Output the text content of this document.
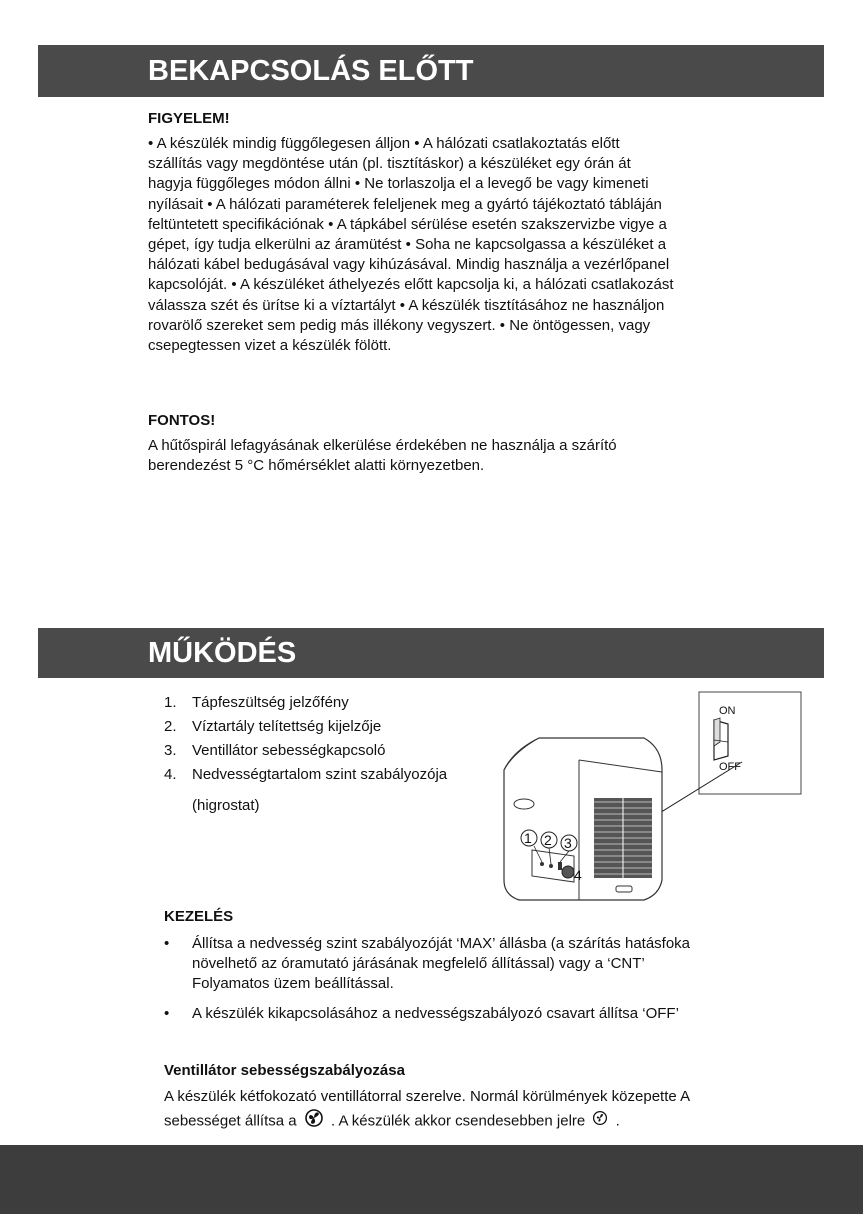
BEKAPCSOLÁS ELŐTT
FIGYELEM!
• A készülék mindig függőlegesen álljon • A hálózati csatlakoztatás előtt
szállítás vagy megdöntése után (pl. tisztításkor) a készüléket egy órán át
hagyja függőleges módon állni • Ne torlaszolja el a levegő be vagy kimeneti
nyílásait • A hálózati paraméterek feleljenek meg a gyártó tájékoztató tábláján
feltüntetett specifikációnak • A tápkábel sérülése esetén szakszervizbe vigye a
gépet, így tudja elkerülni az áramütést • Soha ne kapcsolgassa a készüléket a
hálózati kábel bedugásával vagy kihúzásával. Mindig használja a vezérlőpanel
kapcsolóját. • A készüléket áthelyezés előtt kapcsolja ki, a hálózati csatlakozást
válassza szét és ürítse ki a víztartályt • A készülék tisztításához ne használjon
rovarölő szereket sem pedig más illékony vegyszert. • Ne öntögessen, vagy
csepegtessen vizet a készülék fölött.
FONTOS!
A hűtőspirál lefagyásának elkerülése érdekében ne használja a szárító
berendezést 5 °C hőmérséklet alatti környezetben.
MŰKÖDÉS
1. Tápfeszültség jelzőfény
2. Víztartály telítettség kijelzője
3. Ventillátor sebességkapcsoló
4. Nedvességtartalom szint szabályozója
(higrostat)
ON
OFF
1 2 3
4
KEZELÉS
• Állítsa a nedvesség szint szabályozóját ‘MAX’ állásba (a szárítás hatásfoka
növelhető az óramutató járásának megfelelő állítással) vagy a ‘CNT’
Folyamatos üzem beállítással.
• A készülék kikapcsolásához a nedvességszabályozó csavart állítsa ‘OFF’
Ventillátor sebességszabályozása
A készülék kétfokozató ventillátorral szerelve. Normál körülmények közepette A
sebességet állítsa a . A készülék akkor csendesebben jelre .
